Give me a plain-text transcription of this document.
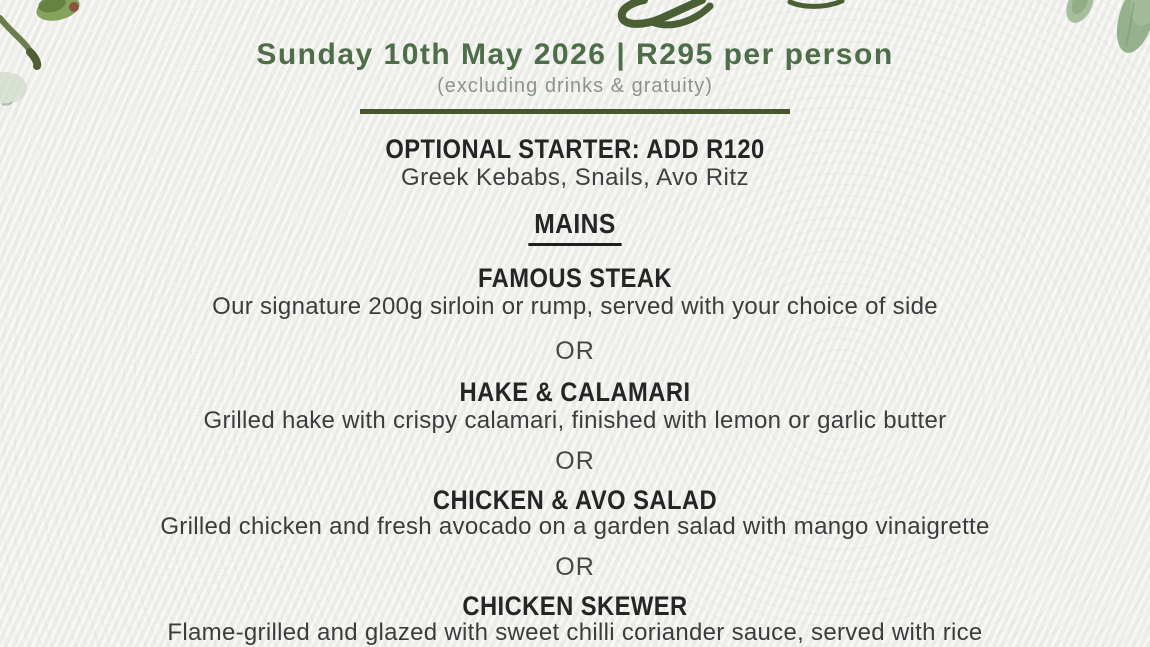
Sunday 10th May 2026 | R295 per person
(excluding drinks & gratuity)
OPTIONAL STARTER: ADD R120
Greek Kebabs, Snails, Avo Ritz
MAINS
FAMOUS STEAK
Our signature 200g sirloin or rump, served with your choice of side
OR
HAKE & CALAMARI
Grilled hake with crispy calamari, finished with lemon or garlic butter
OR
CHICKEN & AVO SALAD
Grilled chicken and fresh avocado on a garden salad with mango vinaigrette
OR
CHICKEN SKEWER
Flame-grilled and glazed with sweet chilli coriander sauce, served with rice
